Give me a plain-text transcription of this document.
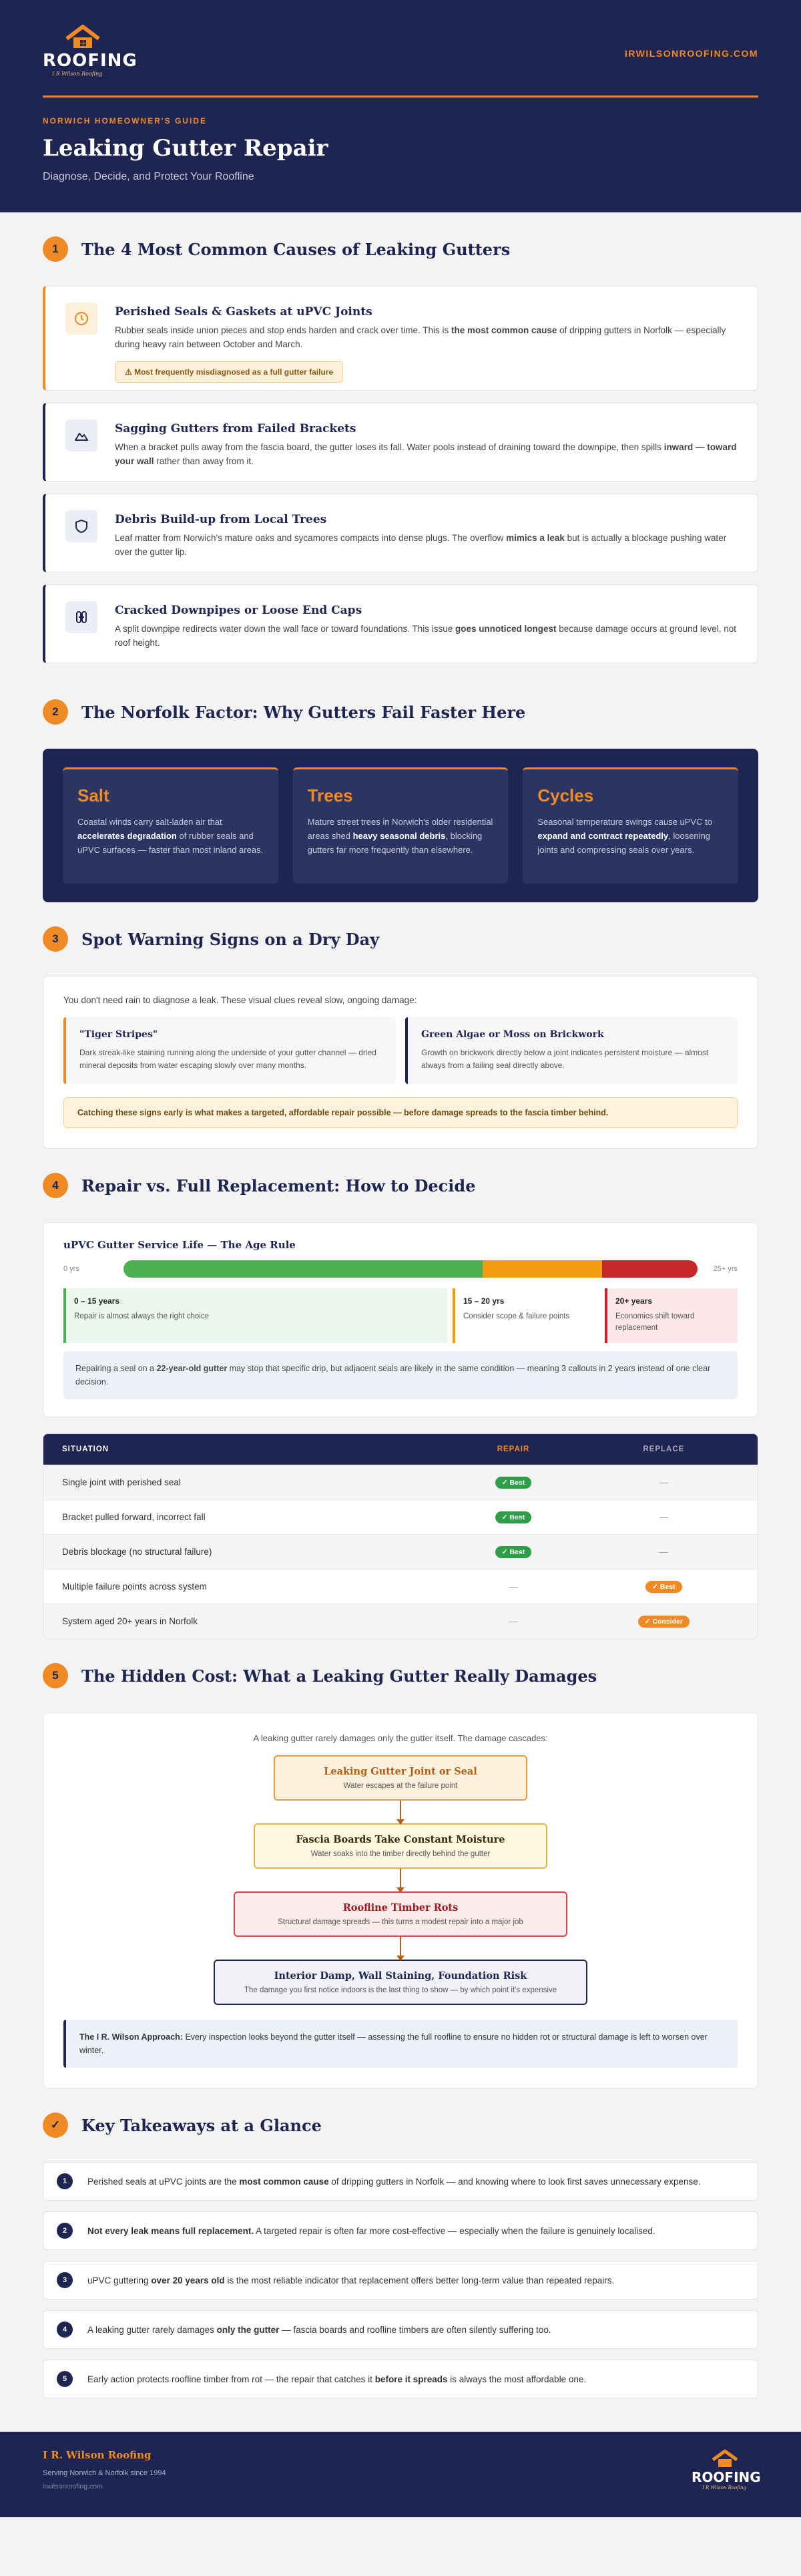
ROOFING
I R Wilson Roofing
IRWILSONROOFING.COM
NORWICH HOMEOWNER'S GUIDE
Leaking Gutter Repair
Diagnose, Decide, and Protect Your Roofline
1	The 4 Most Common Causes of Leaking Gutters
Perished Seals & Gaskets at uPVC Joints

Rubber seals inside union pieces and stop ends harden and crack over time. This is the most common cause of dripping gutters in Norfolk — especially during heavy rain between October and March.

⚠ Most frequently misdiagnosed as a full gutter failure
Sagging Gutters from Failed Brackets

When a bracket pulls away from the fascia board, the gutter loses its fall. Water pools instead of draining toward the downpipe, then spills inward — toward your wall rather than away from it.

Debris Build-up from Local Trees

Leaf matter from Norwich's mature oaks and sycamores compacts into dense plugs. The overflow mimics a leak but is actually a blockage pushing water over the gutter lip.

Cracked Downpipes or Loose End Caps

A split downpipe redirects water down the wall face or toward foundations. This issue goes unnoticed longest because damage occurs at ground level, not roof height.

2	The Norfolk Factor: Why Gutters Fail Faster Here
Salt

Coastal winds carry salt-laden air that accelerates degradation of rubber seals and uPVC surfaces — faster than most inland areas.

Trees

Mature street trees in Norwich's older residential areas shed heavy seasonal debris, blocking gutters far more frequently than elsewhere.

Cycles

Seasonal temperature swings cause uPVC to expand and contract repeatedly, loosening joints and compressing seals over years.

3	Spot Warning Signs on a Dry Day

You don't need rain to diagnose a leak. These visual clues reveal slow, ongoing damage:

"Tiger Stripes"

Dark streak-like staining running along the underside of your gutter channel — dried mineral deposits from water escaping slowly over many months.

Green Algae or Moss on Brickwork

Growth on brickwork directly below a joint indicates persistent moisture — almost always from a failing seal directly above.

Catching these signs early is what makes a targeted, affordable repair possible — before damage spreads to the fascia timber behind.
4	Repair vs. Full Replacement: How to Decide
uPVC Gutter Service Life — The Age Rule
0 yrs	25+ yrs
0 – 15 years

Repair is almost always the right choice

15 – 20 yrs

Consider scope & failure points

20+ years

Economics shift toward replacement

Repairing a seal on a 22-year-old gutter may stop that specific drip, but adjacent seals are likely in the same condition — meaning 3 callouts in 2 years instead of one clear decision.
SITUATION	REPAIR	REPLACE
Single joint with perished seal	✓ Best	—
Bracket pulled forward, incorrect fall	✓ Best	—
Debris blockage (no structural failure)	✓ Best	—
Multiple failure points across system	—	✓ Best
System aged 20+ years in Norfolk	—	✓ Consider
5	The Hidden Cost: What a Leaking Gutter Really Damages

A leaking gutter rarely damages only the gutter itself. The damage cascades:

Leaking Gutter Joint or Seal

Water escapes at the failure point

Fascia Boards Take Constant Moisture

Water soaks into the timber directly behind the gutter

Roofline Timber Rots

Structural damage spreads — this turns a modest repair into a major job

Interior Damp, Wall Staining, Foundation Risk

The damage you first notice indoors is the last thing to show — by which point it's expensive

The I R. Wilson Approach: Every inspection looks beyond the gutter itself — assessing the full roofline to ensure no hidden rot or structural damage is left to worsen over winter.
✓	Key Takeaways at a Glance
1	Perished seals at uPVC joints are the most common cause of dripping gutters in Norfolk — and knowing where to look first saves unnecessary expense.

2	Not every leak means full replacement. A targeted repair is often far more cost-effective — especially when the failure is genuinely localised.

3	uPVC guttering over 20 years old is the most reliable indicator that replacement offers better long-term value than repeated repairs.

4	A leaking gutter rarely damages only the gutter — fascia boards and roofline timbers are often silently suffering too.

5	Early action protects roofline timber from rot — the repair that catches it before it spreads is always the most affordable one.

I R. Wilson Roofing
Serving Norwich & Norfolk since 1994
irwilsonroofing.com
ROOFING
I R Wilson Roofing
